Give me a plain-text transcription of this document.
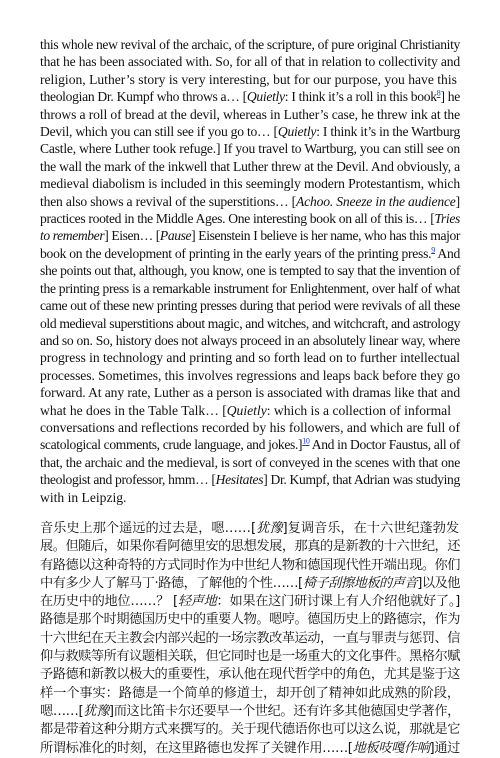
this whole new revival of the archaic, of the scripture, of pure original Christianity
that he has been associated with. So, for all of that in relation to collectivity and
religion, Luther’s story is very interesting, but for our purpose, you have this
theologian Dr. Kumpf who throws a… [Quietly: I think it’s a roll in this book$^8$] he
throws a roll of bread at the devil, whereas in Luther’s case, he threw ink at the
Devil, which you can still see if you go to… [Quietly: I think it’s in the Wartburg
Castle, where Luther took refuge.] If you travel to Wartburg, you can still see on
the wall the mark of the inkwell that Luther threw at the Devil. And obviously, a
medieval diabolism is included in this seemingly modern Protestantism, which
then also shows a revival of the superstitions… [Achoo. Sneeze in the audience]
practices rooted in the Middle Ages. One interesting book on all of this is… [Tries
to remember] Eisen… [Pause] Eisenstein I believe is her name, who has this major
book on the development of printing in the early years of the printing press.$^9$ And
she points out that, although, you know, one is tempted to say that the invention of
the printing press is a remarkable instrument for Enlightenment, over half of what
came out of these new printing presses during that period were revivals of all these
old medieval superstitions about magic, and witches, and witchcraft, and astrology
and so on. So, history does not always proceed in an absolutely linear way, where
progress in technology and printing and so forth lead on to further intellectual
processes. Sometimes, this involves regressions and leaps back before they go
forward. At any rate, Luther as a person is associated with dramas like that and
what he does in the Table Talk… [Quietly: which is a collection of informal
conversations and reflections recorded by his followers, and which are full of
scatological comments, crude language, and jokes.]$^{10}$ And in Doctor Faustus, all of
that, the archaic and the medieval, is sort of conveyed in the scenes with that one
theologist and professor, hmm… [Hesitates] Dr. Kumpf, that Adrian was studying
with in Leipzig.

音乐史上那个遥远的过去是，嗯……[犹豫]复调音乐，在十六世纪蓬勃发
展。但随后，如果你看阿德里安的思想发展，那真的是新教的十六世纪，还
有路德以这种奇特的方式同时作为中世纪人物和德国现代性开端出现。你们
中有多少人了解马丁·路德，了解他的个性……[椅子刮擦地板的声音]以及他
在历史中的地位……？ [轻声地：如果在这门研讨课上有人介绍他就好了。]
路德是那个时期德国历史中的重要人物。嗯哼。德国历史上的路德宗，作为
十六世纪在天主教会内部兴起的一场宗教改革运动，一直与罪责与惩罚、信
仰与救赎等所有议题相关联，但它同时也是一场重大的文化事件。黑格尔赋
予路德和新教以极大的重要性，承认他在现代哲学中的角色，尤其是鉴于这
样一个事实：路德是一个简单的修道士，却开创了精神如此成熟的阶段，
嗯……[犹豫]而这比笛卡尔还要早一个世纪。还有许多其他德国史学著作，
都是带着这种分期方式来撰写的。关于现代德语你也可以这么说，那就是它
所谓标准化的时刻，在这里路德也发挥了关键作用……[地板吱嘎作响]通过
